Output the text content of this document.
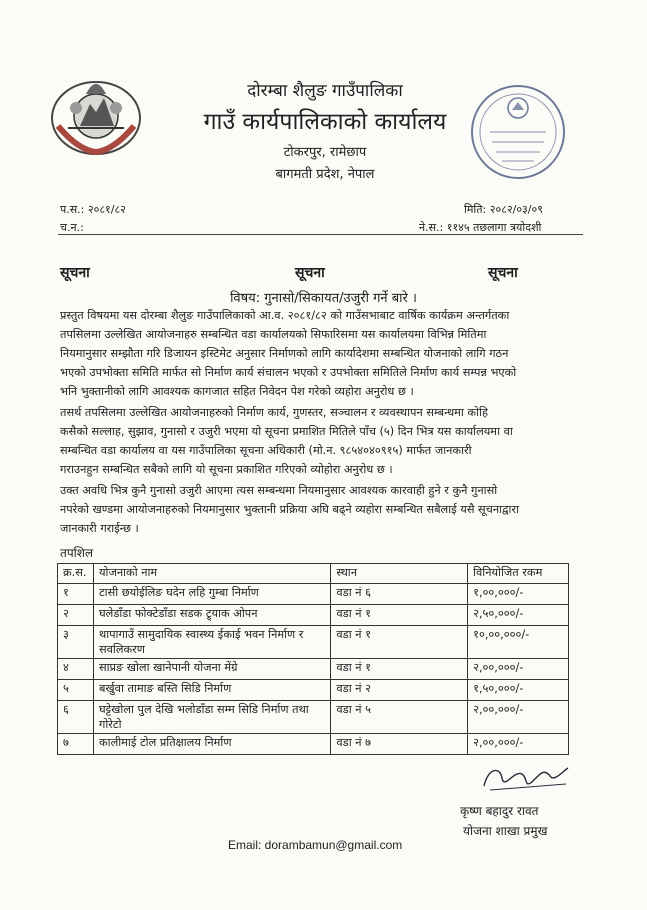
दोरम्बा शैलुङ गाउँपालिका
गाउँ कार्यपालिकाको कार्यालय
टोकरपुर, रामेछाप
बागमती प्रदेश, नेपाल
प.स.: २०८१/८२
च.न.:
मिति: २०८२/०३/०९
ने.स.: ११४५ तछलागा त्रयोदशी
सूचना	सूचना	सूचना
विषय: गुनासो/सिकायत/उजुरी गर्ने बारे ।

प्रस्तुत विषयमा यस दोरम्बा शैलुङ गाउँपालिकाको आ.व. २०८१/८२ को गाउँसभाबाट वार्षिक कार्यक्रम अन्तर्गतका
तपसिलमा उल्लेखित आयोजनाहरु सम्बन्धित वडा कार्यालयको सिफारिसमा यस कार्यालयमा विभिन्न मितिमा
नियमानुसार सम्झौता गरि डिजायन इस्टिमेट अनुसार निर्माणको लागि कार्यादेशमा सम्बन्धित योजनाको लागि गठन
भएको उपभोक्ता समिति मार्फत सो निर्माण कार्य संचालन भएको र उपभोक्ता समितिले निर्माण कार्य सम्पन्न भएको
भनि भुक्तानीको लागि आवश्यक कागजात सहित निवेदन पेश गरेको व्यहोरा अनुरोध छ ।

तसर्थ तपसिलमा उल्लेखित आयोजनाहरुको निर्माण कार्य, गुणस्तर, सञ्चालन र व्यवस्थापन सम्बन्धमा कोहि
कसैको सल्लाह, सुझाव, गुनासो र उजुरी भएमा यो सूचना प्रमाशित मितिले पाँच (५) दिन भित्र यस कार्यालयमा वा
सम्बन्धित वडा कार्यालय वा यस गाउँपालिका सूचना अधिकारी (मो.न. ९८५४०४०९१५) मार्फत जानकारी
गराउनहुन सम्बन्धित सबैको लागि यो सूचना प्रकाशित गरिएको व्योहोरा अनुरोध छ ।

उक्त अवधि भित्र कुनै गुनासो उजुरी आएमा त्यस सम्बन्धमा नियमानुसार आवश्यक कारवाही हुने र कुनै गुनासो
नपरेको खण्डमा आयोजनाहरुको नियमानुसार भुक्तानी प्रक्रिया अघि बढ्ने व्यहोरा सम्बन्धित सबैलाई यसै सूचनाद्वारा
जानकारी गराईन्छ ।

तपशिल
क्र.स.	योजनाको नाम	स्थान	विनियोजित रकम
१	टासी छयोईलिङ घदेन लहि गुम्बा निर्माण	वडा नं ६	१,००,०००/-
२	घलेडाँडा फोक्टेडाँडा सडक ट्र्याक ओपन	वडा नं १	२,५०,०००/-
३	थापागाउँ सामुदायिक स्वास्थ्य ईकाई भवन निर्माण र सवलिकरण	वडा नं १	१०,००,०००/-
४	साप्रङ खोला खानेपानी योजना मेंग्रे	वडा नं १	२,००,०००/-
५	बर्खुवा तामाङ बस्ति सिडि निर्माण	वडा नं २	१,५०,०००/-
६	घट्टेखोला पुल देखि भलोडाँडा सम्म सिडि निर्माण तथा गोरेटो	वडा नं ५	२,००,०००/-
७	कालीमाई टोल प्रतिक्षालय निर्माण	वडा नं ७	२,००,०००/-
कृष्ण बहादुर रावत
योजना शाखा प्रमुख
Email: dorambamun@gmail.com
